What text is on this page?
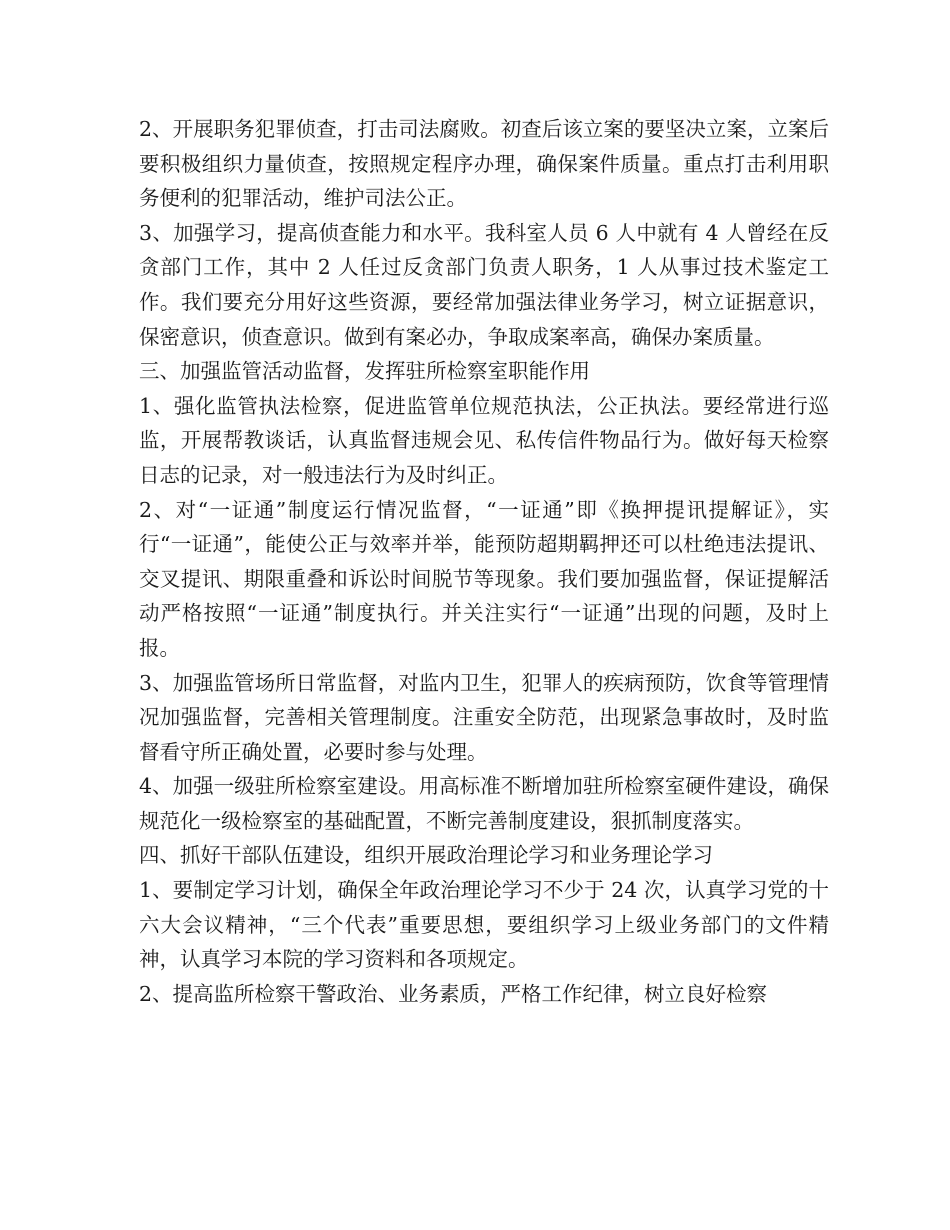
2、开展职务犯罪侦查，打击司法腐败。初查后该立案的要坚决立案，立案后要积极组织力量侦查，按照规定程序办理，确保案件质量。重点打击利用职务便利的犯罪活动，维护司法公正。

3、加强学习，提高侦查能力和水平。我科室人员 6 人中就有 4 人曾经在反贪部门工作，其中 2 人任过反贪部门负责人职务，1 人从事过技术鉴定工作。我们要充分用好这些资源，要经常加强法律业务学习，树立证据意识，保密意识，侦查意识。做到有案必办，争取成案率高，确保办案质量。

三、加强监管活动监督，发挥驻所检察室职能作用

1、强化监管执法检察，促进监管单位规范执法，公正执法。要经常进行巡监，开展帮教谈话，认真监督违规会见、私传信件物品行为。做好每天检察日志的记录，对一般违法行为及时纠正。

2、对“一证通”制度运行情况监督，“一证通”即《换押提讯提解证》，实行“一证通”，能使公正与效率并举，能预防超期羁押还可以杜绝违法提讯、交叉提讯、期限重叠和诉讼时间脱节等现象。我们要加强监督，保证提解活动严格按照“一证通”制度执行。并关注实行“一证通”出现的问题，及时上报。

3、加强监管场所日常监督，对监内卫生，犯罪人的疾病预防，饮食等管理情况加强监督，完善相关管理制度。注重安全防范，出现紧急事故时，及时监督看守所正确处置，必要时参与处理。

4、加强一级驻所检察室建设。用高标准不断增加驻所检察室硬件建设，确保规范化一级检察室的基础配置，不断完善制度建设，狠抓制度落实。

四、抓好干部队伍建设，组织开展政治理论学习和业务理论学习

1、要制定学习计划，确保全年政治理论学习不少于 24 次，认真学习党的十六大会议精神，“三个代表”重要思想，要组织学习上级业务部门的文件精神，认真学习本院的学习资料和各项规定。

2、提高监所检察干警政治、业务素质，严格工作纪律，树立良好检察
